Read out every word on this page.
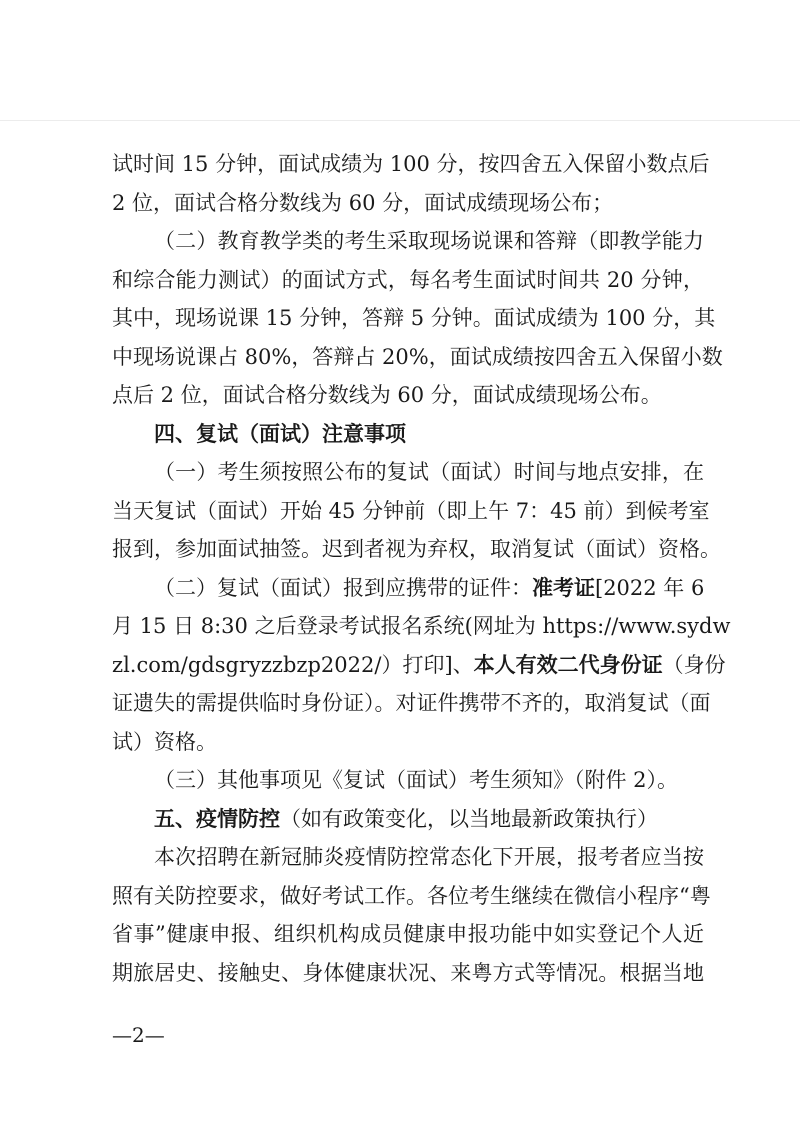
试时间 15 分钟，面试成绩为 100 分，按四舍五入保留小数点后
2 位，面试合格分数线为 60 分，面试成绩现场公布；
（二）教育教学类的考生采取现场说课和答辩（即教学能力
和综合能力测试）的面试方式，每名考生面试时间共 20 分钟，
其中，现场说课 15 分钟，答辩 5 分钟。面试成绩为 100 分，其
中现场说课占 80%，答辩占 20%，面试成绩按四舍五入保留小数
点后 2 位，面试合格分数线为 60 分，面试成绩现场公布。
四、复试（面试）注意事项
（一）考生须按照公布的复试（面试）时间与地点安排，在
当天复试（面试）开始 45 分钟前（即上午 7：45 前）到候考室
报到，参加面试抽签。迟到者视为弃权，取消复试（面试）资格。
（二）复试（面试）报到应携带的证件：准考证[2022 年 6
月 15 日 8:30 之后登录考试报名系统(网址为 https://www.sydw
zl.com/gdsgryzzbzp2022/）打印]、本人有效二代身份证（身份
证遗失的需提供临时身份证）。对证件携带不齐的，取消复试（面
试）资格。
（三）其他事项见《复试（面试）考生须知》（附件 2）。
五、疫情防控（如有政策变化，以当地最新政策执行）
本次招聘在新冠肺炎疫情防控常态化下开展，报考者应当按
照有关防控要求，做好考试工作。各位考生继续在微信小程序“粤
省事”健康申报、组织机构成员健康申报功能中如实登记个人近
期旅居史、接触史、身体健康状况、来粤方式等情况。根据当地
—2—
